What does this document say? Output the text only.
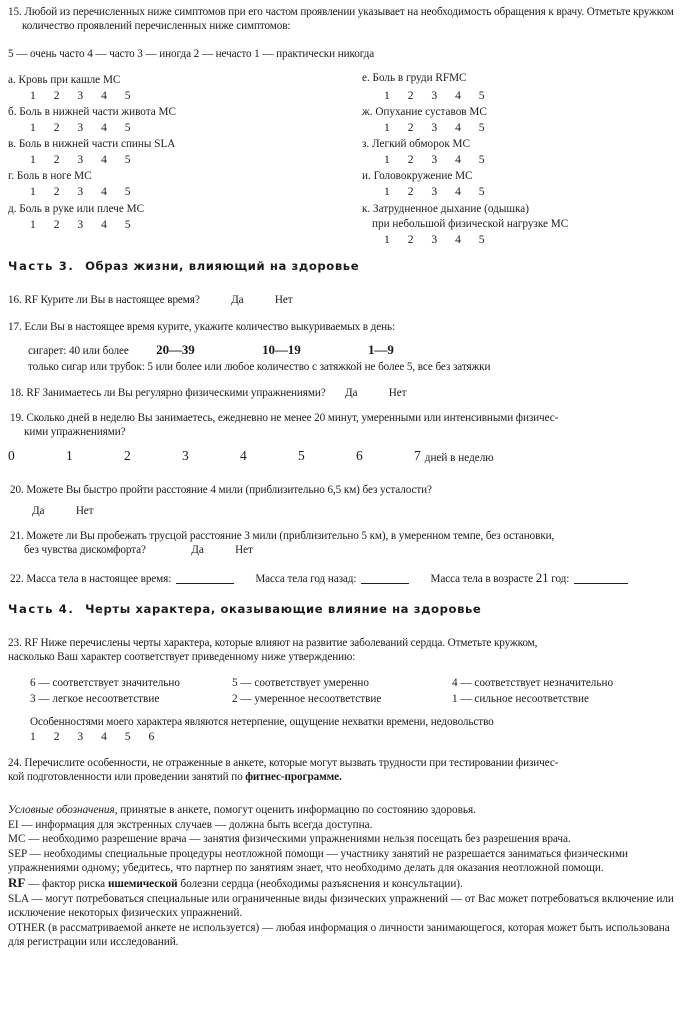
15. Любой из перечисленных ниже симптомов при его частом проявлении указывает на необходимость обращения к врачу. Отметьте кружком количество проявлений перечисленных ниже симптомов:
5 — очень часто 4 — часто 3 — иногда 2 — нечасто 1 — практически никогда
а. Кровь при кашле МС
1 2 3 4 5
б. Боль в нижней части живота МС
1 2 3 4 5
в. Боль в нижней части спины SLA
1 2 3 4 5
г. Боль в ноге МС
1 2 3 4 5
д. Боль в руке или плече МС
1 2 3 4 5
е. Боль в груди RFMC
1 2 3 4 5
ж. Опухание суставов МС
1 2 3 4 5
з. Легкий обморок МС
1 2 3 4 5
и. Головокружение МС
1 2 3 4 5
к. Затрудненное дыхание (одышка)
при небольшой физической нагрузке МС
1 2 3 4 5
Часть 3. Образ жизни, влияющий на здоровье
16. RF Курите ли Вы в настоящее время?	Да	Нет
17. Если Вы в настоящее время курите, укажите количество выкуриваемых в день:
сигарет: 40 или более 20—39	10—19	1—9
только сигар или трубок: 5 или более или любое количество с затяжкой не более 5, все без затяжки
18. RF Занимаетесь ли Вы регулярно физическими упражнениями? Да	Нет
19. Сколько дней в неделю Вы занимаетесь, ежедневно не менее 20 минут, умеренными или интенсивными физичес-
кими упражнениями?
0	1	2	3	4	5	6	7 дней в неделю
20. Можете Вы быстро пройти расстояние 4 мили (приблизительно 6,5 км) без усталости?
Да	Нет
21. Можете ли Вы пробежать трусцой расстояние 3 мили (приблизительно 5 км), в умеренном темпе, без остановки,
без чувства дискомфорта?	Да	Нет
22. Масса тела в настоящее время:	Масса тела год назад:	Масса тела в возрасте 21 год:
Часть 4. Черты характера, оказывающие влияние на здоровье
23. RF Ниже перечислены черты характера, которые влияют на развитие заболеваний сердца. Отметьте кружком,
насколько Ваш характер соответствует приведенному ниже утверждению:
6 — соответствует значительно	5 — соответствует умеренно	4 — соответствует незначительно
3 — легкое несоответствие	2 — умеренное несоответствие	1 — сильное несоответствие
Особенностями моего характера являются нетерпение, ощущение нехватки времени, недовольство
1 2 3 4 5 6
24. Перечислите особенности, не отраженные в анкете, которые могут вызвать трудности при тестировании физичес-
кой подготовленности или проведении занятий по фитнес-программе.
Условные обозначения, принятые в анкете, помогут оценить информацию по состоянию здоровья.
EI — информация для экстренных случаев — должна быть всегда доступна.
МС — необходимо разрешение врача — занятия физическими упражнениями нельзя посещать без разрешения врача.
SEP — необходимы специальные процедуры неотложной помощи — участнику занятий не разрешается заниматься физическими упражнениями одному; убедитесь, что партнер по занятиям знает, что необходимо делать для оказания неотложной помощи.
RF — фактор риска ишемической болезни сердца (необходимы разъяснения и консультации).
SLA — могут потребоваться специальные или ограниченные виды физических упражнений — от Вас может потребоваться включение или исключение некоторых физических упражнений.
OTHER (в рассматриваемой анкете не используется) — любая информация о личности занимающегося, которая может быть использована для регистрации или исследований.
